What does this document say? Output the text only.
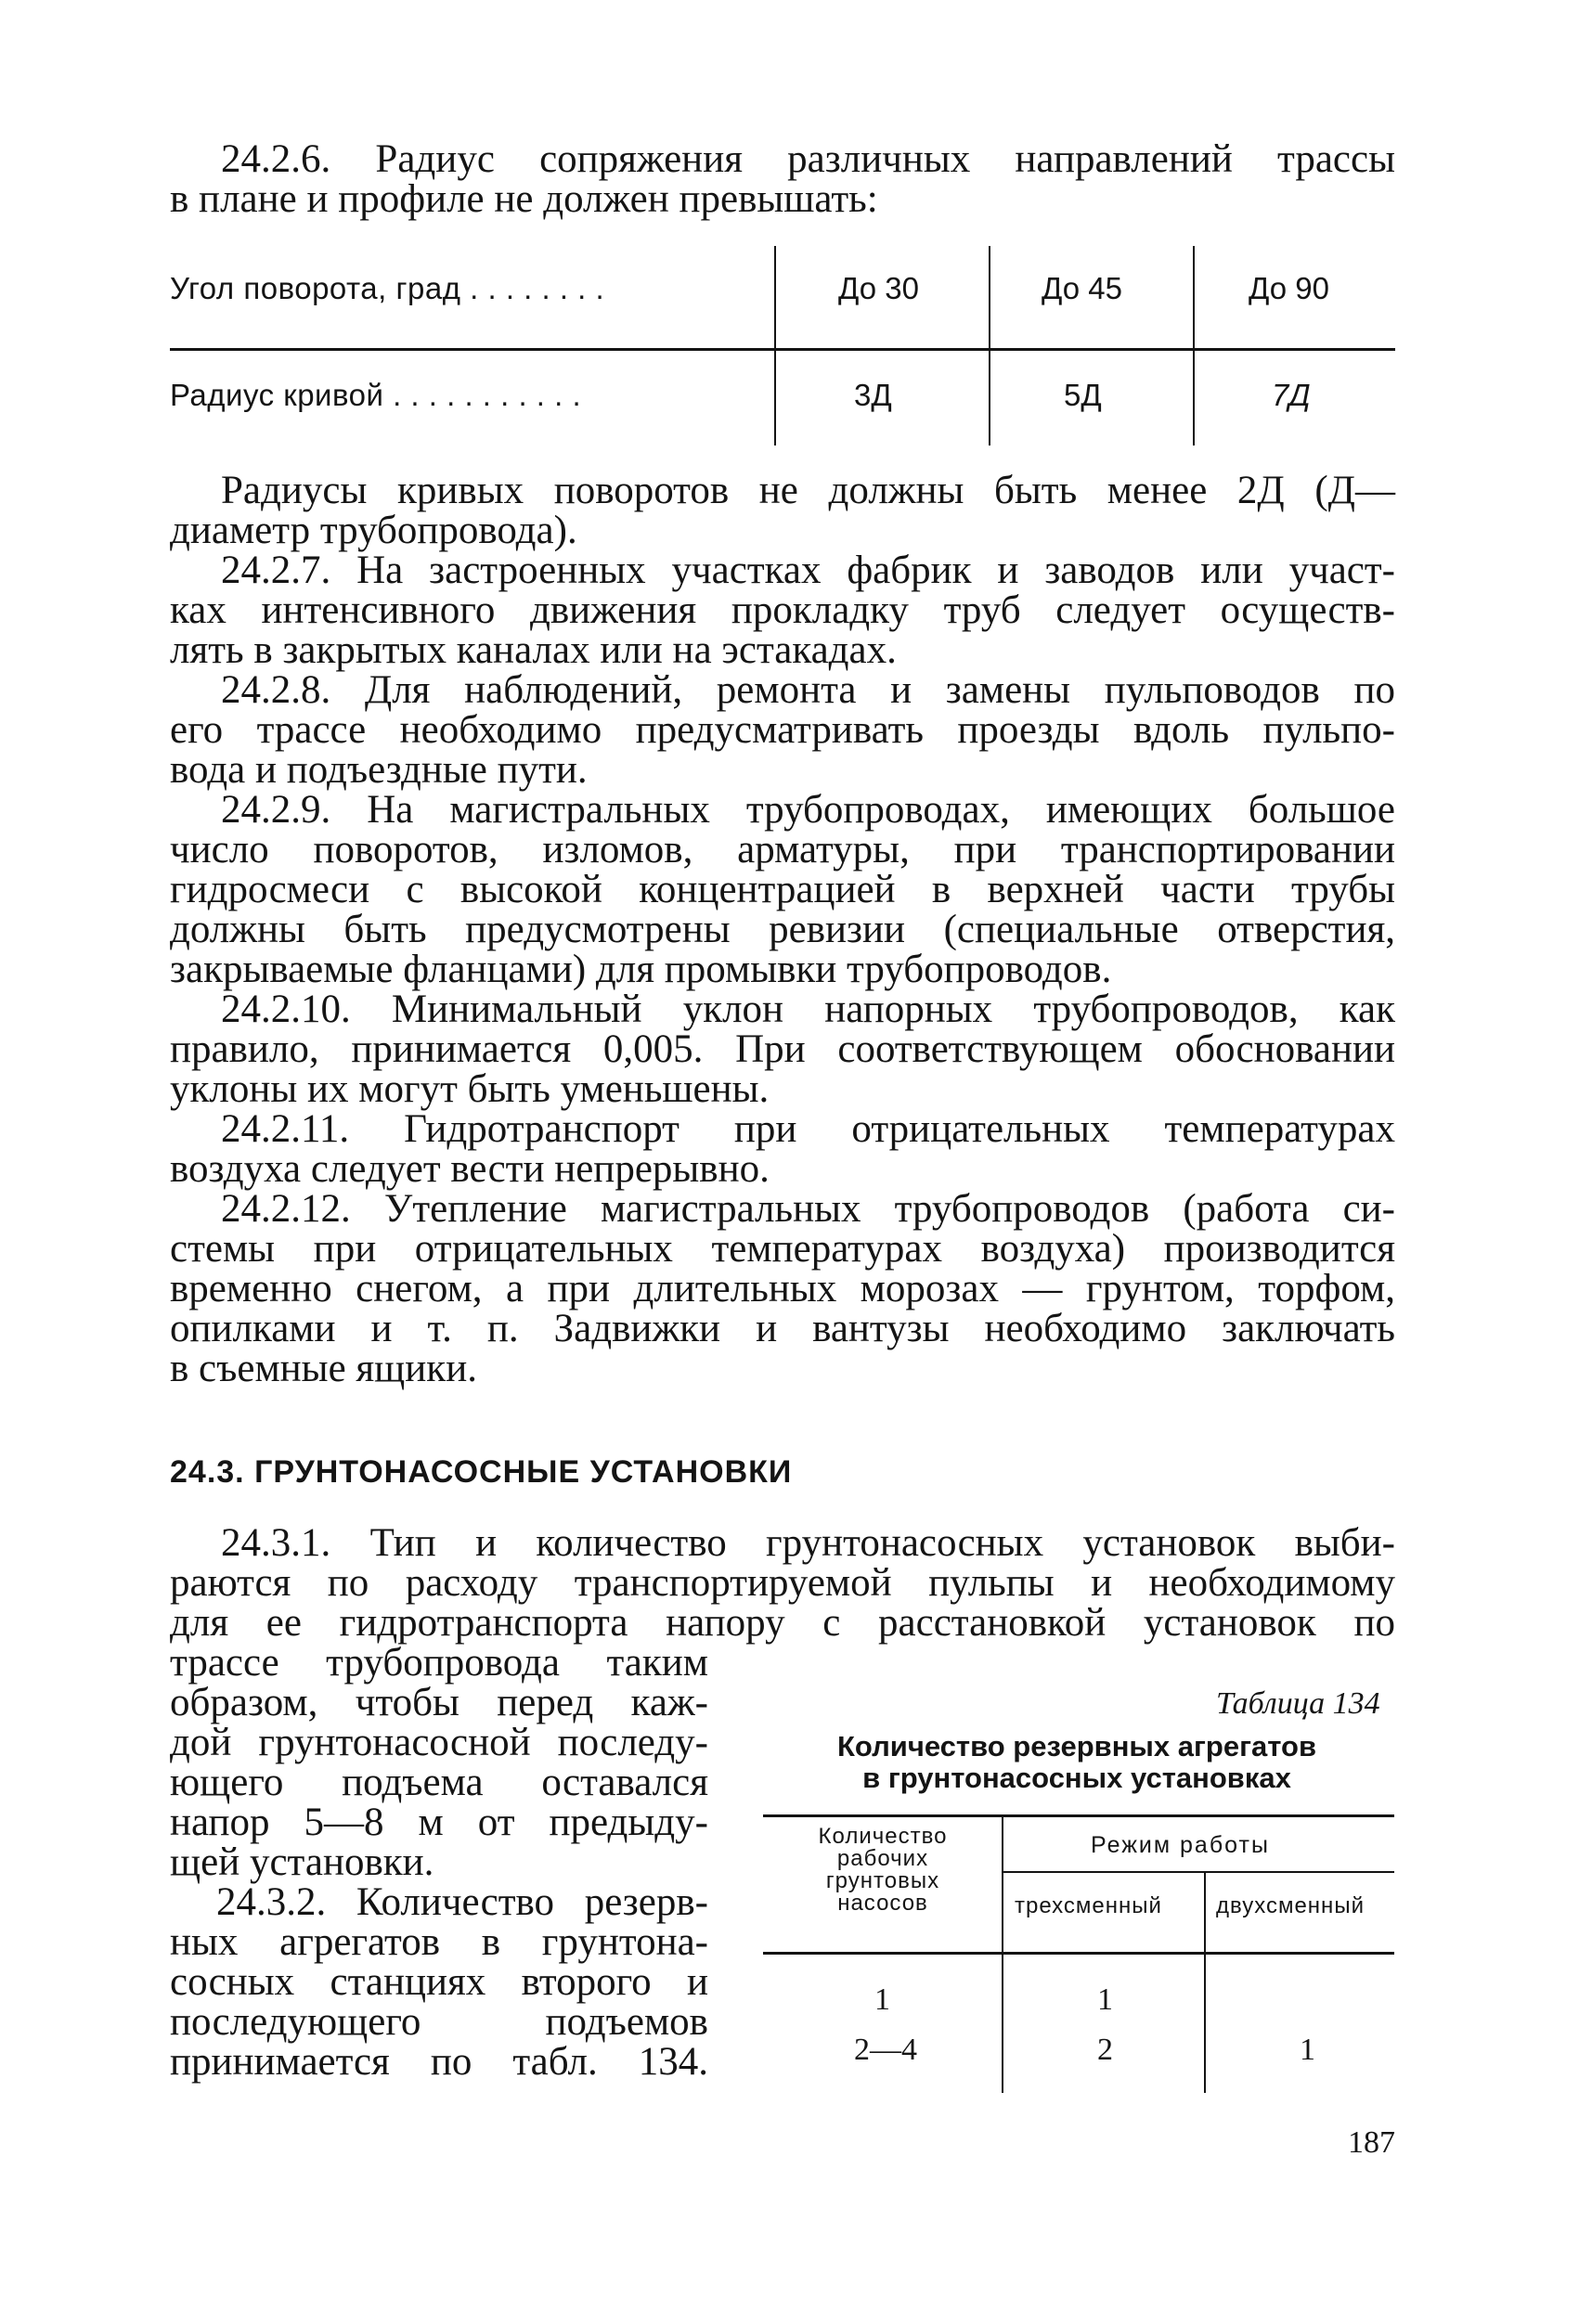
24.2.6. Радиус сопряжения различных направлений трассы
в плане и профиле не должен превышать:
Угол поворота, град . . . . . . . .	До 30	До 45	До 90
Радиус кривой . . . . . . . . . . .	3Д	5Д	7Д
Радиусы кривых поворотов не должны быть менее 2Д (Д—
диаметр трубопровода).
24.2.7. На застроенных участках фабрик и заводов или участ-
ках интенсивного движения прокладку труб следует осуществ-
лять в закрытых каналах или на эстакадах.
24.2.8. Для наблюдений, ремонта и замены пульповодов по
его трассе необходимо предусматривать проезды вдоль пульпо-
вода и подъездные пути.
24.2.9. На магистральных трубопроводах, имеющих большое
число поворотов, изломов, арматуры, при транспортировании
гидросмеси с высокой концентрацией в верхней части трубы
должны быть предусмотрены ревизии (специальные отверстия,
закрываемые фланцами) для промывки трубопроводов.
24.2.10. Минимальный уклон напорных трубопроводов, как
правило, принимается 0,005. При соответствующем обосновании
уклоны их могут быть уменьшены.
24.2.11. Гидротранспорт при отрицательных температурах
воздуха следует вести непрерывно.
24.2.12. Утепление магистральных трубопроводов (работа си-
стемы при отрицательных температурах воздуха) производится
временно снегом, а при длительных морозах — грунтом, торфом,
опилками и т. п. Задвижки и вантузы необходимо заключать
в съемные ящики.
24.3. ГРУНТОНАСОСНЫЕ УСТАНОВКИ
24.3.1. Тип и количество грунтонасосных установок выби-
раются по расходу транспортируемой пульпы и необходимому
для ее гидротранспорта напору с расстановкой установок по
трассе трубопровода таким
образом, чтобы перед каж-
дой грунтонасосной последу-
ющего подъема оставался
напор 5—8 м от предыду-
щей установки.
24.3.2. Количество резерв-
ных агрегатов в грунтона-
сосных станциях второго и
последующего подъемов
принимается по табл. 134.
Таблица 134
Количество резервных агрегатов
в грунтонасосных установках
Количество
рабочих
грунтовых
насосов
Режим работы
трехсменный двухсменный
1	1
2—4	2	1
187
